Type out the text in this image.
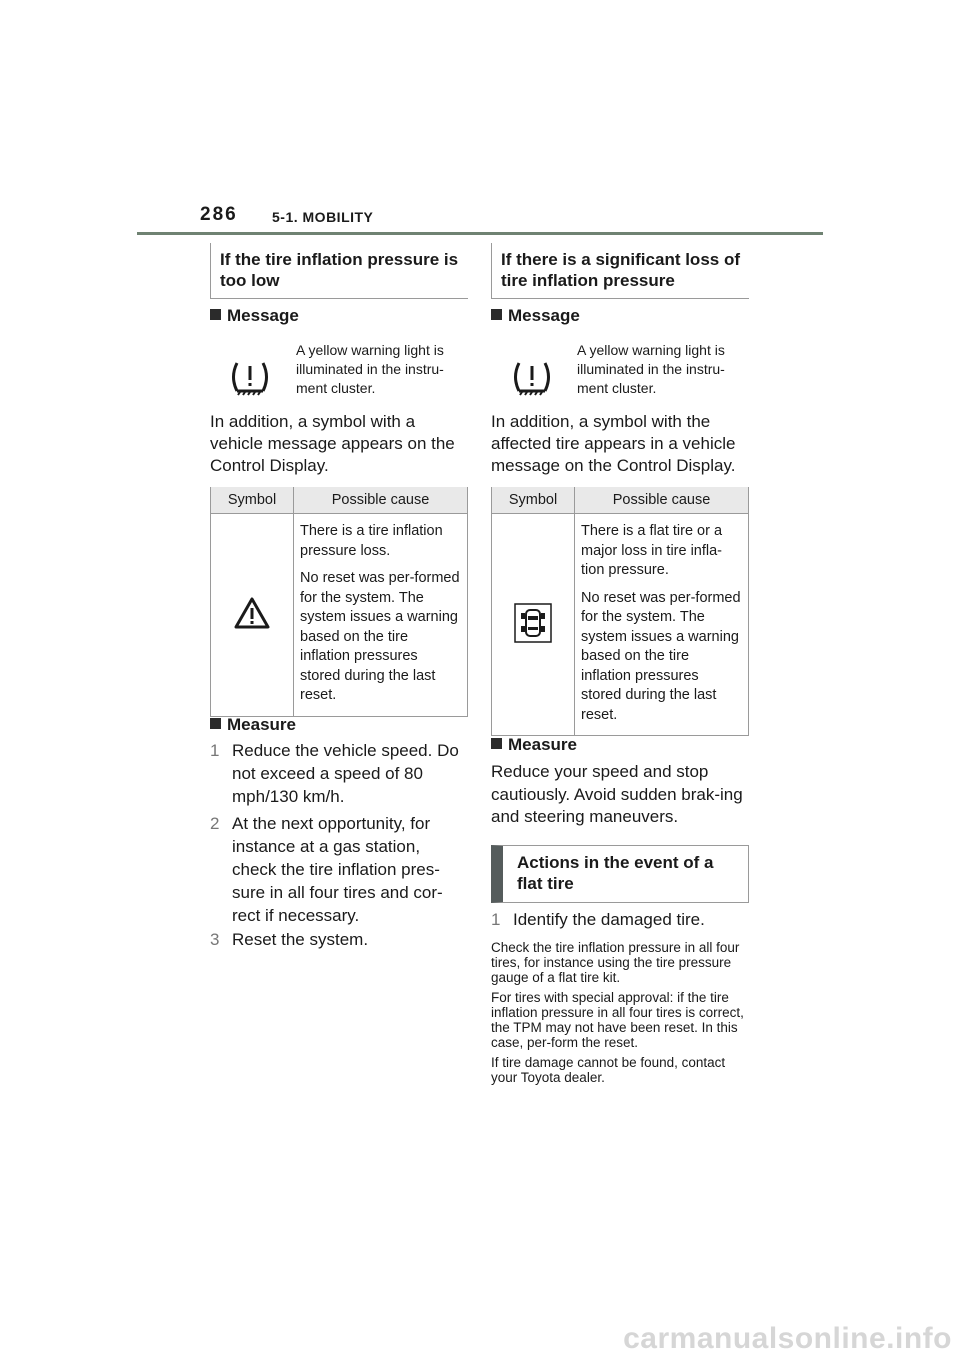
286 5-1. MOBILITY
If the tire inflation pressure is too low
Message
A yellow warning light is illuminated in the instru-ment cluster.
In addition, a symbol with a vehicle message appears on the Control Display.
Symbol	Possible cause

There is a tire inflation pressure loss.

No reset was per-formed for the system. The system issues a warning based on the tire inflation pressures stored during the last reset.

Measure
1 Reduce the vehicle speed. Do not exceed a speed of 80 mph/130 km/h.
2 At the next opportunity, for instance at a gas station, check the tire inflation pres-sure in all four tires and cor-rect if necessary.
3 Reset the system.
If there is a significant loss of tire inflation pressure
Message
A yellow warning light is illuminated in the instru-ment cluster.
In addition, a symbol with the affected tire appears in a vehicle message on the Control Display.
Symbol	Possible cause

There is a flat tire or a major loss in tire infla-tion pressure.

No reset was per-formed for the system. The system issues a warning based on the tire inflation pressures stored during the last reset.

Measure
Reduce your speed and stop cautiously. Avoid sudden brak-ing and steering maneuvers.
Actions in the event of a flat tire
1 Identify the damaged tire.

Check the tire inflation pressure in all four tires, for instance using the tire pressure gauge of a flat tire kit.

For tires with special approval: if the tire inflation pressure in all four tires is correct, the TPM may not have been reset. In this case, per-form the reset.

If tire damage cannot be found, contact your Toyota dealer.

carmanualsonline.info
